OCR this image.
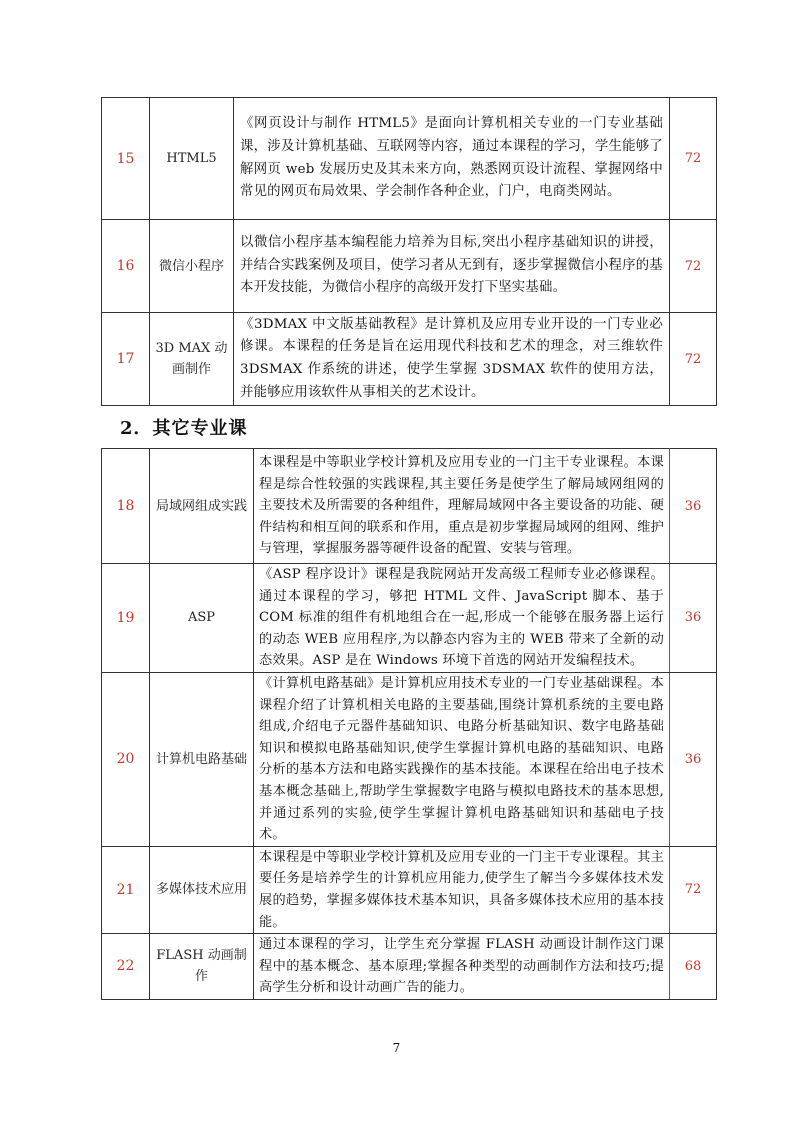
15	HTML5	《网页设计与制作 HTML5》是面向计算机相关专业的一门专业基础课，涉及计算机基础、互联网等内容，通过本课程的学习，学生能够了解网页 web 发展历史及其未来方向，熟悉网页设计流程、掌握网络中常见的网页布局效果、学会制作各种企业，门户，电商类网站。	72
16	微信小程序	以微信小程序基本编程能力培养为目标,突出小程序基础知识的讲授，并结合实践案例及项目，使学习者从无到有，逐步掌握微信小程序的基本开发技能，为微信小程序的高级开发打下坚实基础。	72
17	3D MAX 动画制作	《3DMAX 中文版基础教程》是计算机及应用专业开设的一门专业必修课。本课程的任务是旨在运用现代科技和艺术的理念，对三维软件 3DSMAX 作系统的讲述，使学生掌握 3DSMAX 软件的使用方法，并能够应用该软件从事相关的艺术设计。	72
2．其它专业课
18	局域网组成实践	本课程是中等职业学校计算机及应用专业的一门主干专业课程。本课程是综合性较强的实践课程,其主要任务是使学生了解局域网组网的主要技术及所需要的各种组件，理解局域网中各主要设备的功能、硬件结构和相互间的联系和作用，重点是初步掌握局域网的组网、维护与管理，掌握服务器等硬件设备的配置、安装与管理。	36
19	ASP	《ASP 程序设计》课程是我院网站开发高级工程师专业必修课程。通过本课程的学习，够把 HTML 文件、JavaScript 脚本、基于 COM 标准的组件有机地组合在一起,形成一个能够在服务器上运行的动态 WEB 应用程序,为以静态内容为主的 WEB 带来了全新的动态效果。ASP 是在 Windows 环境下首选的网站开发编程技术。	36
20	计算机电路基础	《计算机电路基础》是计算机应用技术专业的一门专业基础课程。本课程介绍了计算机相关电路的主要基础,围绕计算机系统的主要电路组成,介绍电子元器件基础知识、电路分析基础知识、数字电路基础知识和模拟电路基础知识,使学生掌握计算机电路的基础知识、电路分析的基本方法和电路实践操作的基本技能。本课程在给出电子技术基本概念基础上,帮助学生掌握数字电路与模拟电路技术的基本思想,并通过系列的实验,使学生掌握计算机电路基础知识和基础电子技术。	36
21	多媒体技术应用	本课程是中等职业学校计算机及应用专业的一门主干专业课程。其主要任务是培养学生的计算机应用能力,使学生了解当今多媒体技术发展的趋势，掌握多媒体技术基本知识，具备多媒体技术应用的基本技能。	72
22	FLASH 动画制作	通过本课程的学习，让学生充分掌握 FLASH 动画设计制作这门课程中的基本概念、基本原理;掌握各种类型的动画制作方法和技巧;提高学生分析和设计动画广告的能力。	68
7
